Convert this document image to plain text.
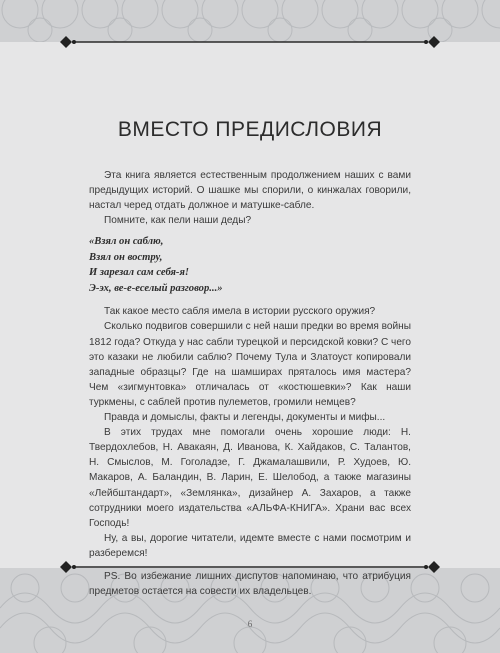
ВМЕСТО ПРЕДИСЛОВИЯ

Эта книга является естественным продолжением наших с вами предыдущих историй. О шашке мы спорили, о кинжалах говорили, настал черед отдать должное и матушке-сабле.

Помните, как пели наши деды?

«Взял он саблю,
Взял он востру,
И зарезал сам себя-я!
Э-эх, ве-е-еселый разговор...»

Так какое место сабля имела в истории русского оружия?

Сколько подвигов совершили с ней наши предки во время войны 1812 года? Откуда у нас сабли турецкой и персидской ковки? С чего это казаки не любили саблю? Почему Тула и Златоуст копировали западные образцы? Где на шамширах пряталось имя мастера? Чем «зигмунтовка» отличалась от «костюшевки»? Как наши туркмены, с саблей против пулеметов, громили немцев?

Правда и домыслы, факты и легенды, документы и мифы...

В этих трудах мне помогали очень хорошие люди: Н. Твердохлебов, Н. Авакаян, Д. Иванова, К. Хайдаков, С. Талантов, Н. Смыслов, М. Гоголадзе, Г. Джамалашвили, Р. Худоев, Ю. Макаров, А. Баландин, В. Ларин, Е. Шелобод, а также магазины «Лейбштандарт», «Землянка», дизайнер А. Захаров, а также сотрудники моего издательства «АЛЬФА-КНИГА». Храни вас всех Господь!

Ну, а вы, дорогие читатели, идемте вместе с нами посмотрим и разберемся!

PS. Во избежание лишних диспутов напоминаю, что атрибуция предметов остается на совести их владельцев.

6
